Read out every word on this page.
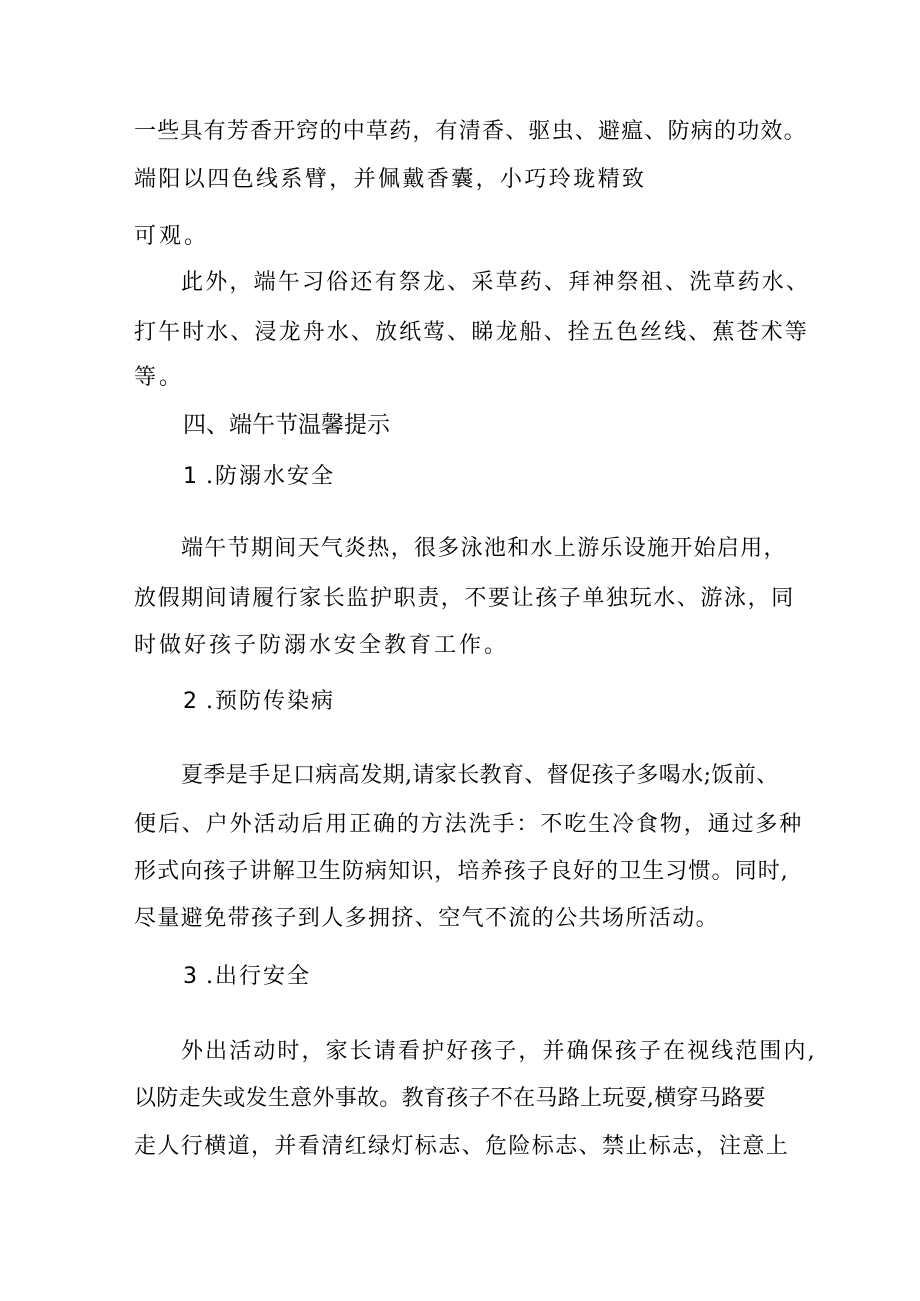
一些具有芳香开窍的中草药，有清香、驱虫、避瘟、防病的功效。
端阳以四色线系臂，并佩戴香囊，小巧玲珑精致
可观。
此外，端午习俗还有祭龙、采草药、拜神祭祖、洗草药水、
打午时水、浸龙舟水、放纸莺、睇龙船、拴五色丝线、蕉苍术等
等。
四、端午节温馨提示
1 .防溺水安全
端午节期间天气炎热，很多泳池和水上游乐设施开始启用，
放假期间请履行家长监护职责，不要让孩子单独玩水、游泳，同
时做好孩子防溺水安全教育工作。
2 .预防传染病
夏季是手足口病高发期,请家长教育、督促孩子多喝水;饭前、
便后、户外活动后用正确的方法洗手：不吃生冷食物，通过多种
形式向孩子讲解卫生防病知识，培养孩子良好的卫生习惯。同时,
尽量避免带孩子到人多拥挤、空气不流的公共场所活动。
3 .出行安全
外出活动时，家长请看护好孩子，并确保孩子在视线范围内,
以防走失或发生意外事故。教育孩子不在马路上玩耍,横穿马路要
走人行横道，并看清红绿灯标志、危险标志、禁止标志，注意上
